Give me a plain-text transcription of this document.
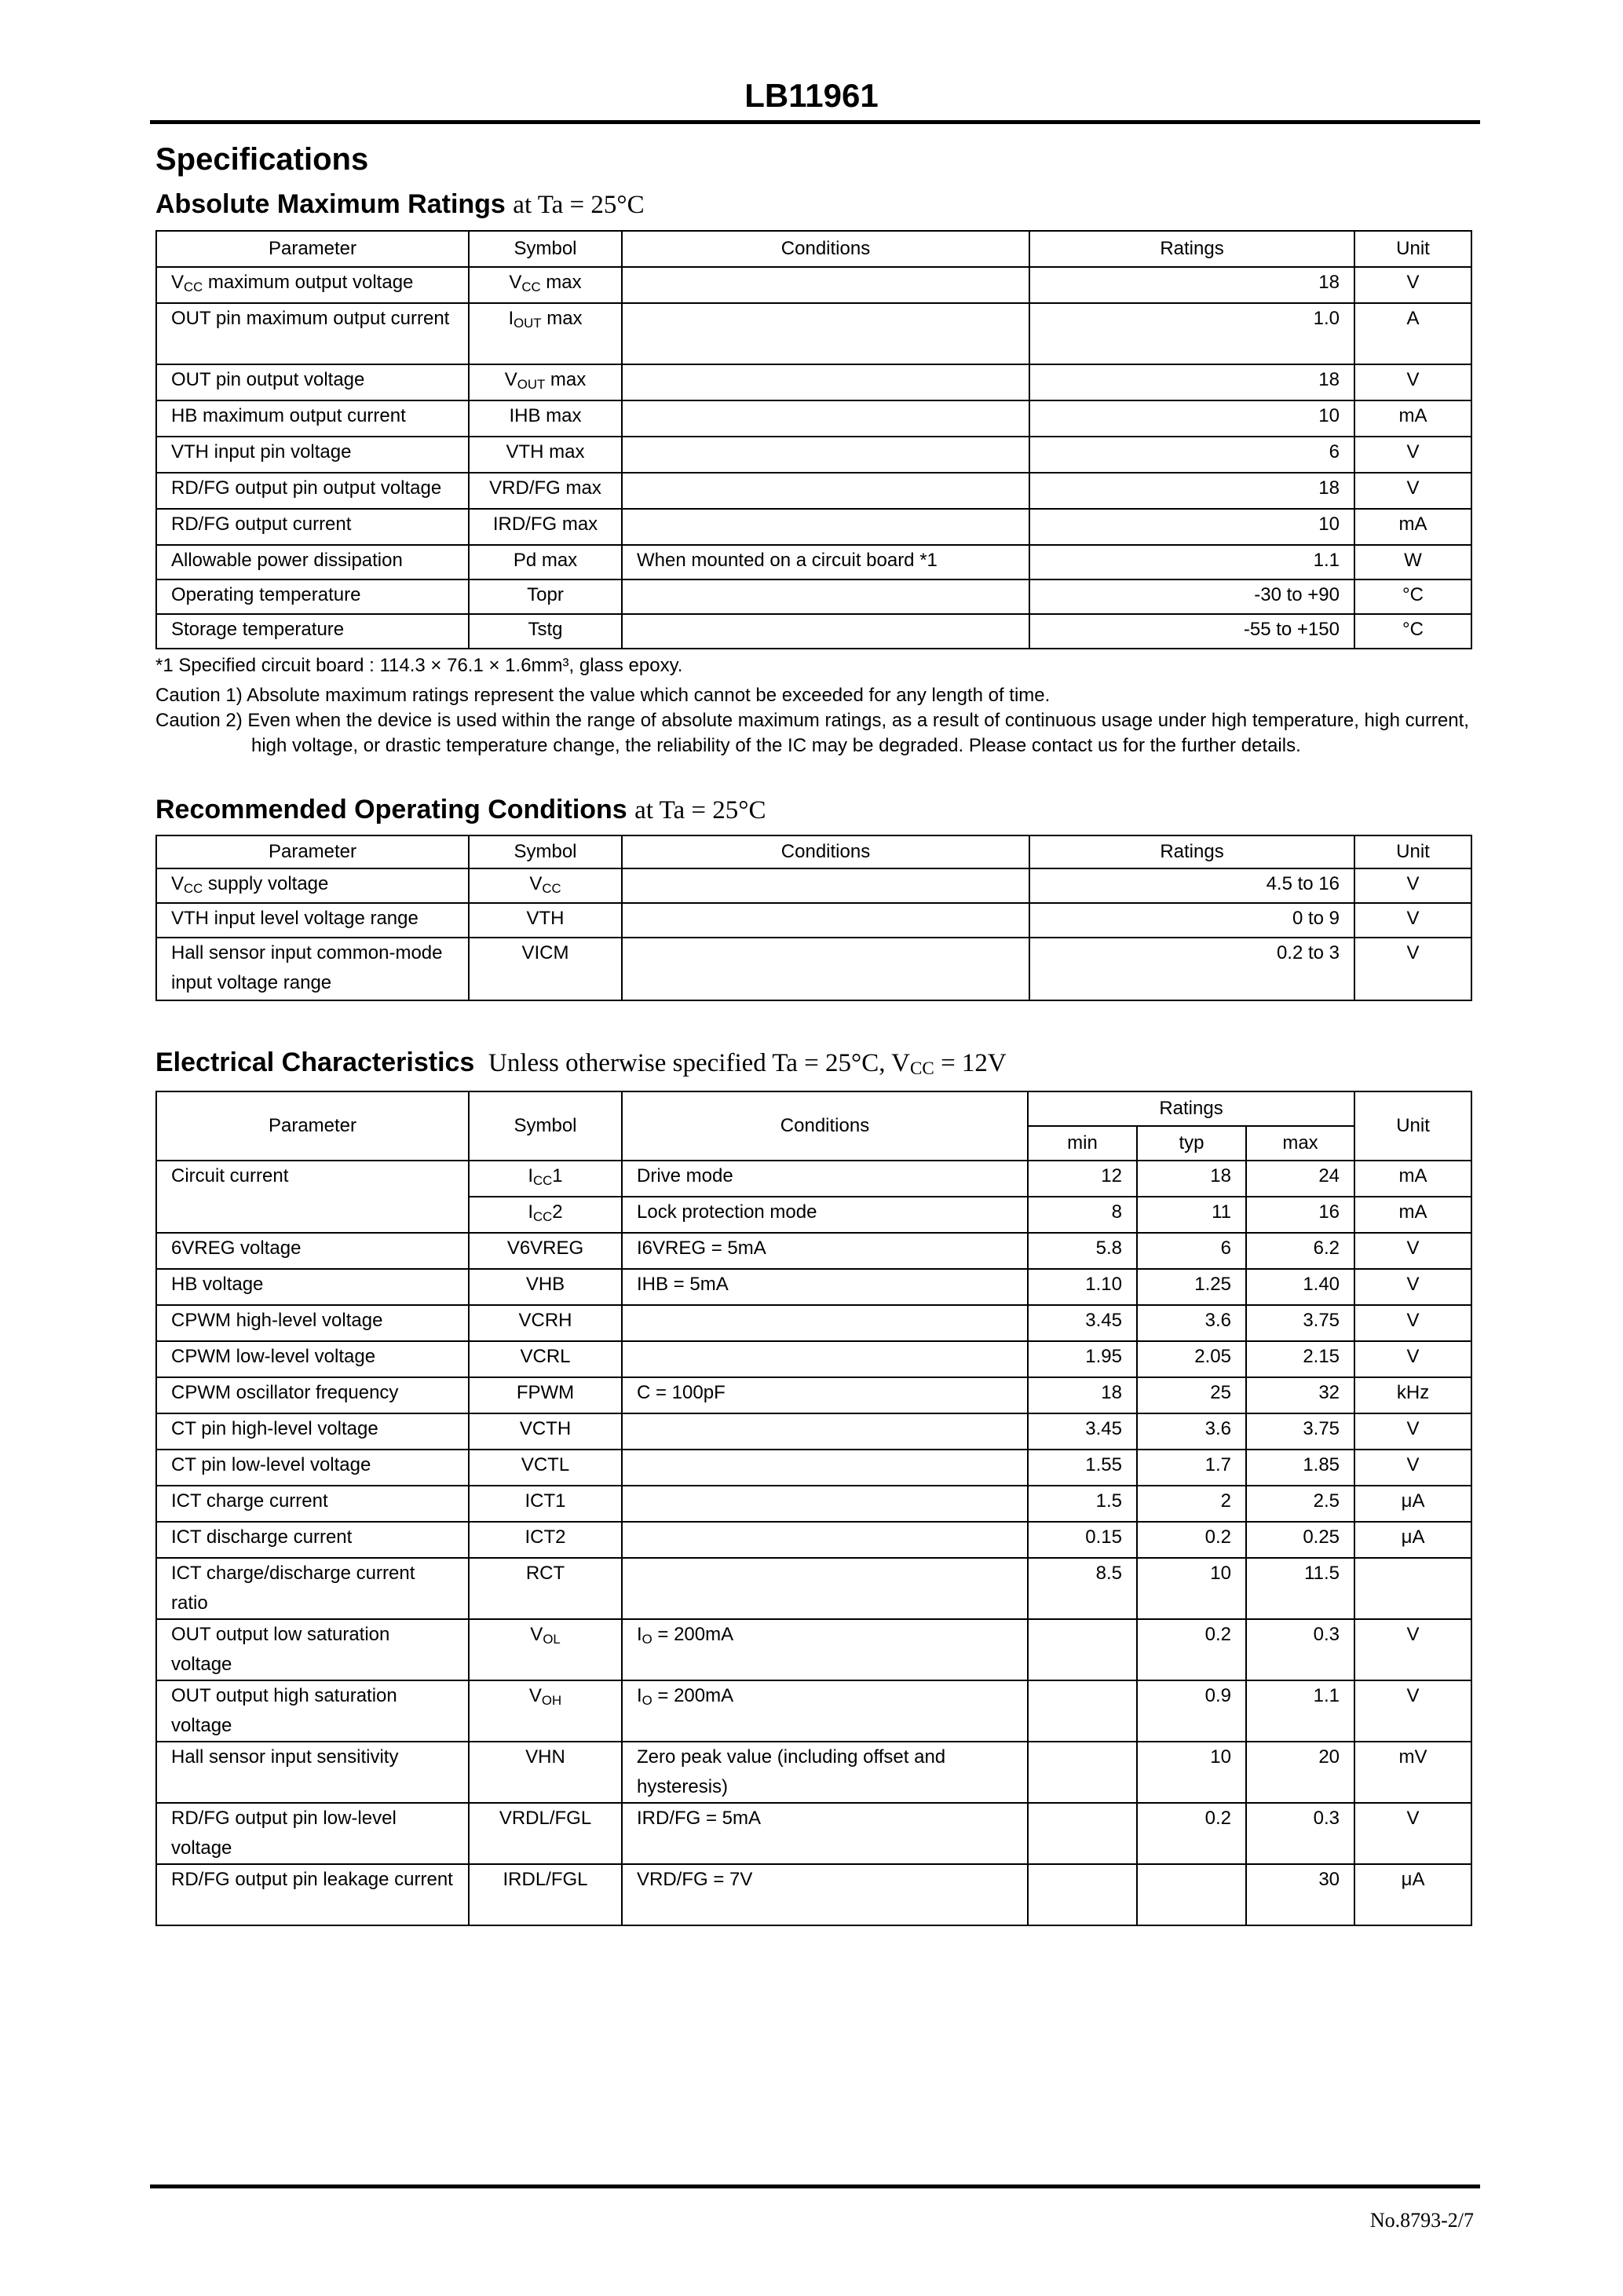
LB11961
Specifications
Absolute Maximum Ratings at Ta = 25°C
Parameter	Symbol	Conditions	Ratings	Unit
$V_{CC}$ maximum output voltage	$V_{CC}$ max		18	V
OUT pin maximum output current	$I_{OUT}$ max		1.0	A
OUT pin output voltage	$V_{OUT}$ max		18	V
HB maximum output current	IHB max		10	mA
VTH input pin voltage	VTH max		6	V
RD/FG output pin output voltage	VRD/FG max		18	V
RD/FG output current	IRD/FG max		10	mA
Allowable power dissipation	Pd max	When mounted on a circuit board *1	1.1	W
Operating temperature	Topr		-30 to +90	°C
Storage temperature	Tstg		-55 to +150	°C
*1 Specified circuit board : 114.3 × 76.1 × 1.6mm³, glass epoxy.
Caution 1) Absolute maximum ratings represent the value which cannot be exceeded for any length of time.
Caution 2) Even when the device is used within the range of absolute maximum ratings, as a result of continuous usage under high temperature, high current,
high voltage, or drastic temperature change, the reliability of the IC may be degraded. Please contact us for the further details.
Recommended Operating Conditions at Ta = 25°C
Parameter	Symbol	Conditions	Ratings	Unit
$V_{CC}$ supply voltage	$V_{CC}$		4.5 to 16	V
VTH input level voltage range	VTH		0 to 9	V
Hall sensor input common-mode input voltage range	VICM		0.2 to 3	V
Electrical Characteristics Unless otherwise specified Ta = 25°C, $V_{CC} = 12V$
Parameter	Symbol	Conditions	Ratings			Unit
			min	typ	max	
Circuit current	$I_{CC}1$	Drive mode	12	18	24	mA
	$I_{CC}2$	Lock protection mode	8	11	16	mA
6VREG voltage	V6VREG	I6VREG = 5mA	5.8	6	6.2	V
HB voltage	VHB	IHB = 5mA	1.10	1.25	1.40	V
CPWM high-level voltage	VCRH		3.45	3.6	3.75	V
CPWM low-level voltage	VCRL		1.95	2.05	2.15	V
CPWM oscillator frequency	FPWM	C = 100pF	18	25	32	kHz
CT pin high-level voltage	VCTH		3.45	3.6	3.75	V
CT pin low-level voltage	VCTL		1.55	1.7	1.85	V
ICT charge current	ICT1		1.5	2	2.5	μA
ICT discharge current	ICT2		0.15	0.2	0.25	μA
ICT charge/discharge current ratio	RCT		8.5	10	11.5	
OUT output low saturation voltage	$V_{OL}$	$I_O = 200mA$		0.2	0.3	V
OUT output high saturation voltage	$V_{OH}$	$I_O = 200mA$		0.9	1.1	V
Hall sensor input sensitivity	VHN	Zero peak value (including offset and hysteresis)		10	20	mV
RD/FG output pin low-level voltage	VRDL/FGL	IRD/FG = 5mA		0.2	0.3	V
RD/FG output pin leakage current	IRDL/FGL	VRD/FG = 7V			30	μA
No.8793-2/7
